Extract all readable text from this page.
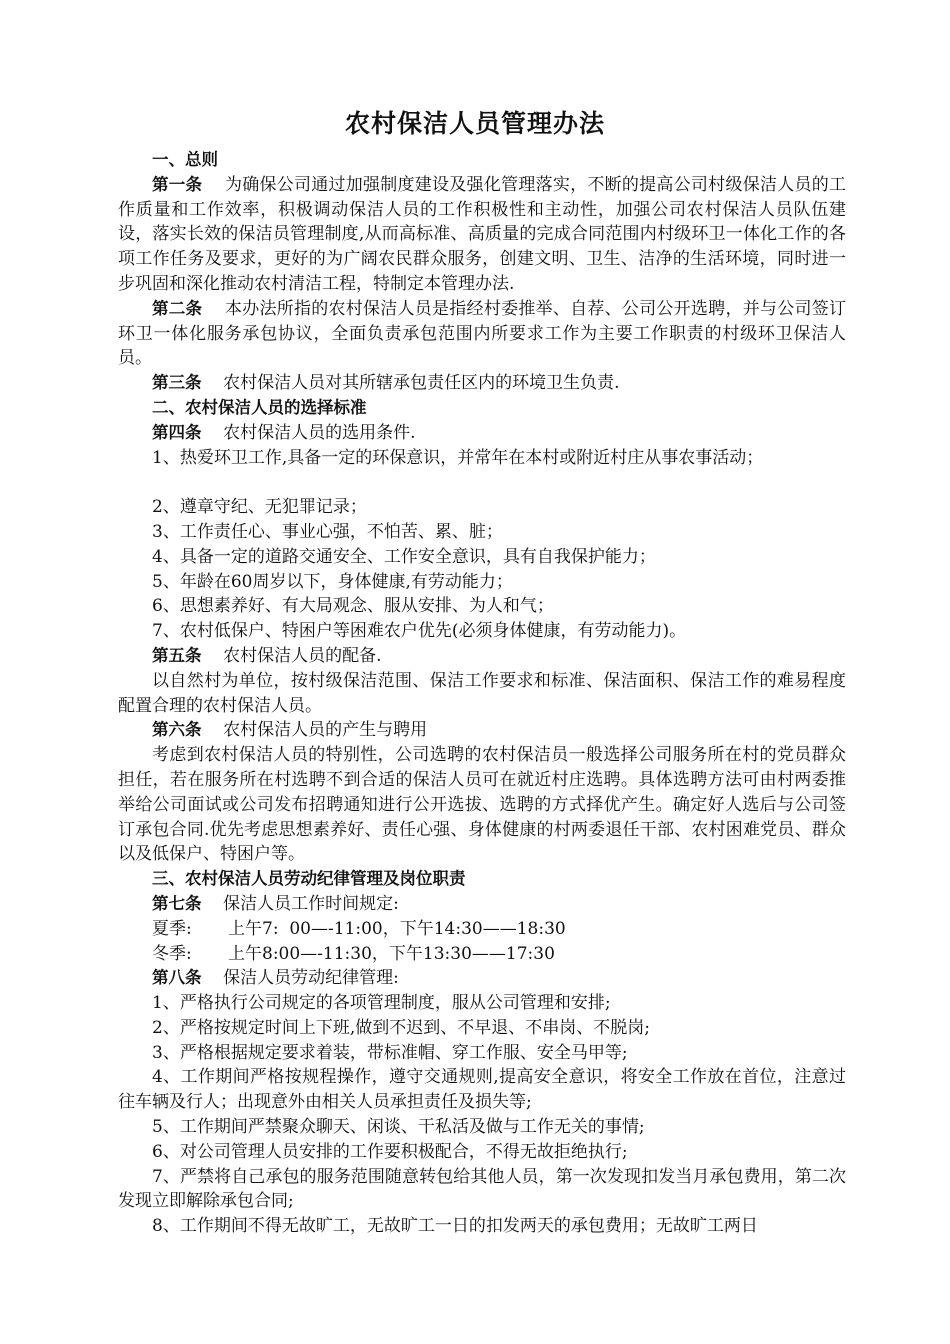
农村保洁人员管理办法

一、总则

第一条 为确保公司通过加强制度建设及强化管理落实，不断的提高公司村级保洁人员的工作质量和工作效率，积极调动保洁人员的工作积极性和主动性，加强公司农村保洁人员队伍建设，落实长效的保洁员管理制度,从而高标准、高质量的完成合同范围内村级环卫一体化工作的各项工作任务及要求，更好的为广阔农民群众服务，创建文明、卫生、洁净的生活环境，同时进一步巩固和深化推动农村清洁工程，特制定本管理办法.

第二条 本办法所指的农村保洁人员是指经村委推举、自荐、公司公开选聘，并与公司签订环卫一体化服务承包协议，全面负责承包范围内所要求工作为主要工作职责的村级环卫保洁人员。

第三条 农村保洁人员对其所辖承包责任区内的环境卫生负责.

二、农村保洁人员的选择标准

第四条 农村保洁人员的选用条件.

1、热爱环卫工作,具备一定的环保意识，并常年在本村或附近村庄从事农事活动；

2、遵章守纪、无犯罪记录；

3、工作责任心、事业心强，不怕苦、累、脏；

4、具备一定的道路交通安全、工作安全意识，具有自我保护能力；

5、年龄在60周岁以下，身体健康,有劳动能力；

6、思想素养好、有大局观念、服从安排、为人和气；

7、农村低保户、特困户等困难农户优先(必须身体健康，有劳动能力)。

第五条 农村保洁人员的配备.

以自然村为单位，按村级保洁范围、保洁工作要求和标准、保洁面积、保洁工作的难易程度配置合理的农村保洁人员。

第六条 农村保洁人员的产生与聘用

考虑到农村保洁人员的特别性，公司选聘的农村保洁员一般选择公司服务所在村的党员群众担任，若在服务所在村选聘不到合适的保洁人员可在就近村庄选聘。具体选聘方法可由村两委推举给公司面试或公司发布招聘通知进行公开选拔、选聘的方式择优产生。确定好人选后与公司签订承包合同.优先考虑思想素养好、责任心强、身体健康的村两委退任干部、农村困难党员、群众以及低保户、特困户等。

三、农村保洁人员劳动纪律管理及岗位职责

第七条 保洁人员工作时间规定:

夏季: 上午7:  00—-11:00，下午14:30——18:30

冬季: 上午8:00—-11:30，下午13:30——17:30

第八条 保洁人员劳动纪律管理:

1、严格执行公司规定的各项管理制度，服从公司管理和安排;

2、严格按规定时间上下班,做到不迟到、不早退、不串岗、不脱岗;

3、严格根据规定要求着装，带标准帽、穿工作服、安全马甲等;

4、工作期间严格按规程操作，遵守交通规则,提高安全意识，将安全工作放在首位，注意过往车辆及行人；出现意外由相关人员承担责任及损失等;

5、工作期间严禁聚众聊天、闲谈、干私活及做与工作无关的事情;

6、对公司管理人员安排的工作要积极配合，不得无故拒绝执行;

7、严禁将自己承包的服务范围随意转包给其他人员，第一次发现扣发当月承包费用，第二次发现立即解除承包合同;

8、工作期间不得无故旷工，无故旷工一日的扣发两天的承包费用；无故旷工两日
